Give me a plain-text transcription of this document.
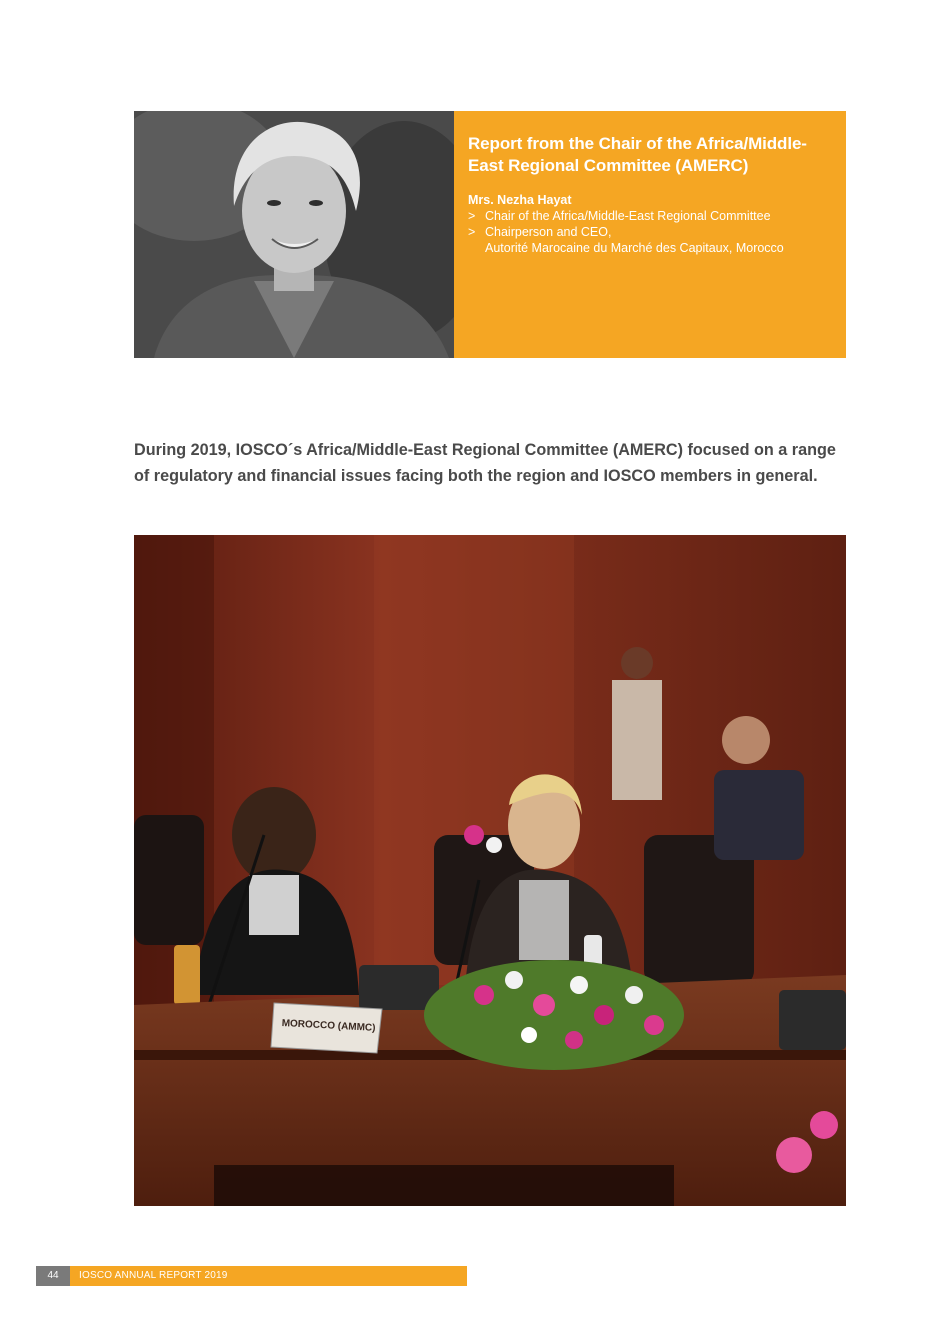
Report from the Chair of the Africa/Middle-East Regional Committee (AMERC)

Mrs. Nezha Hayat

> Chair of the Africa/Middle-East Regional Committee
> Chairperson and CEO,
Autorité Marocaine du Marché des Capitaux, Morocco

During 2019, IOSCO´s Africa/Middle-East Regional Committee (AMERC) focused on a range of regulatory and financial issues facing both the region and IOSCO members in general.

MOROCCO (AMMC)
44	IOSCO ANNUAL REPORT 2019
